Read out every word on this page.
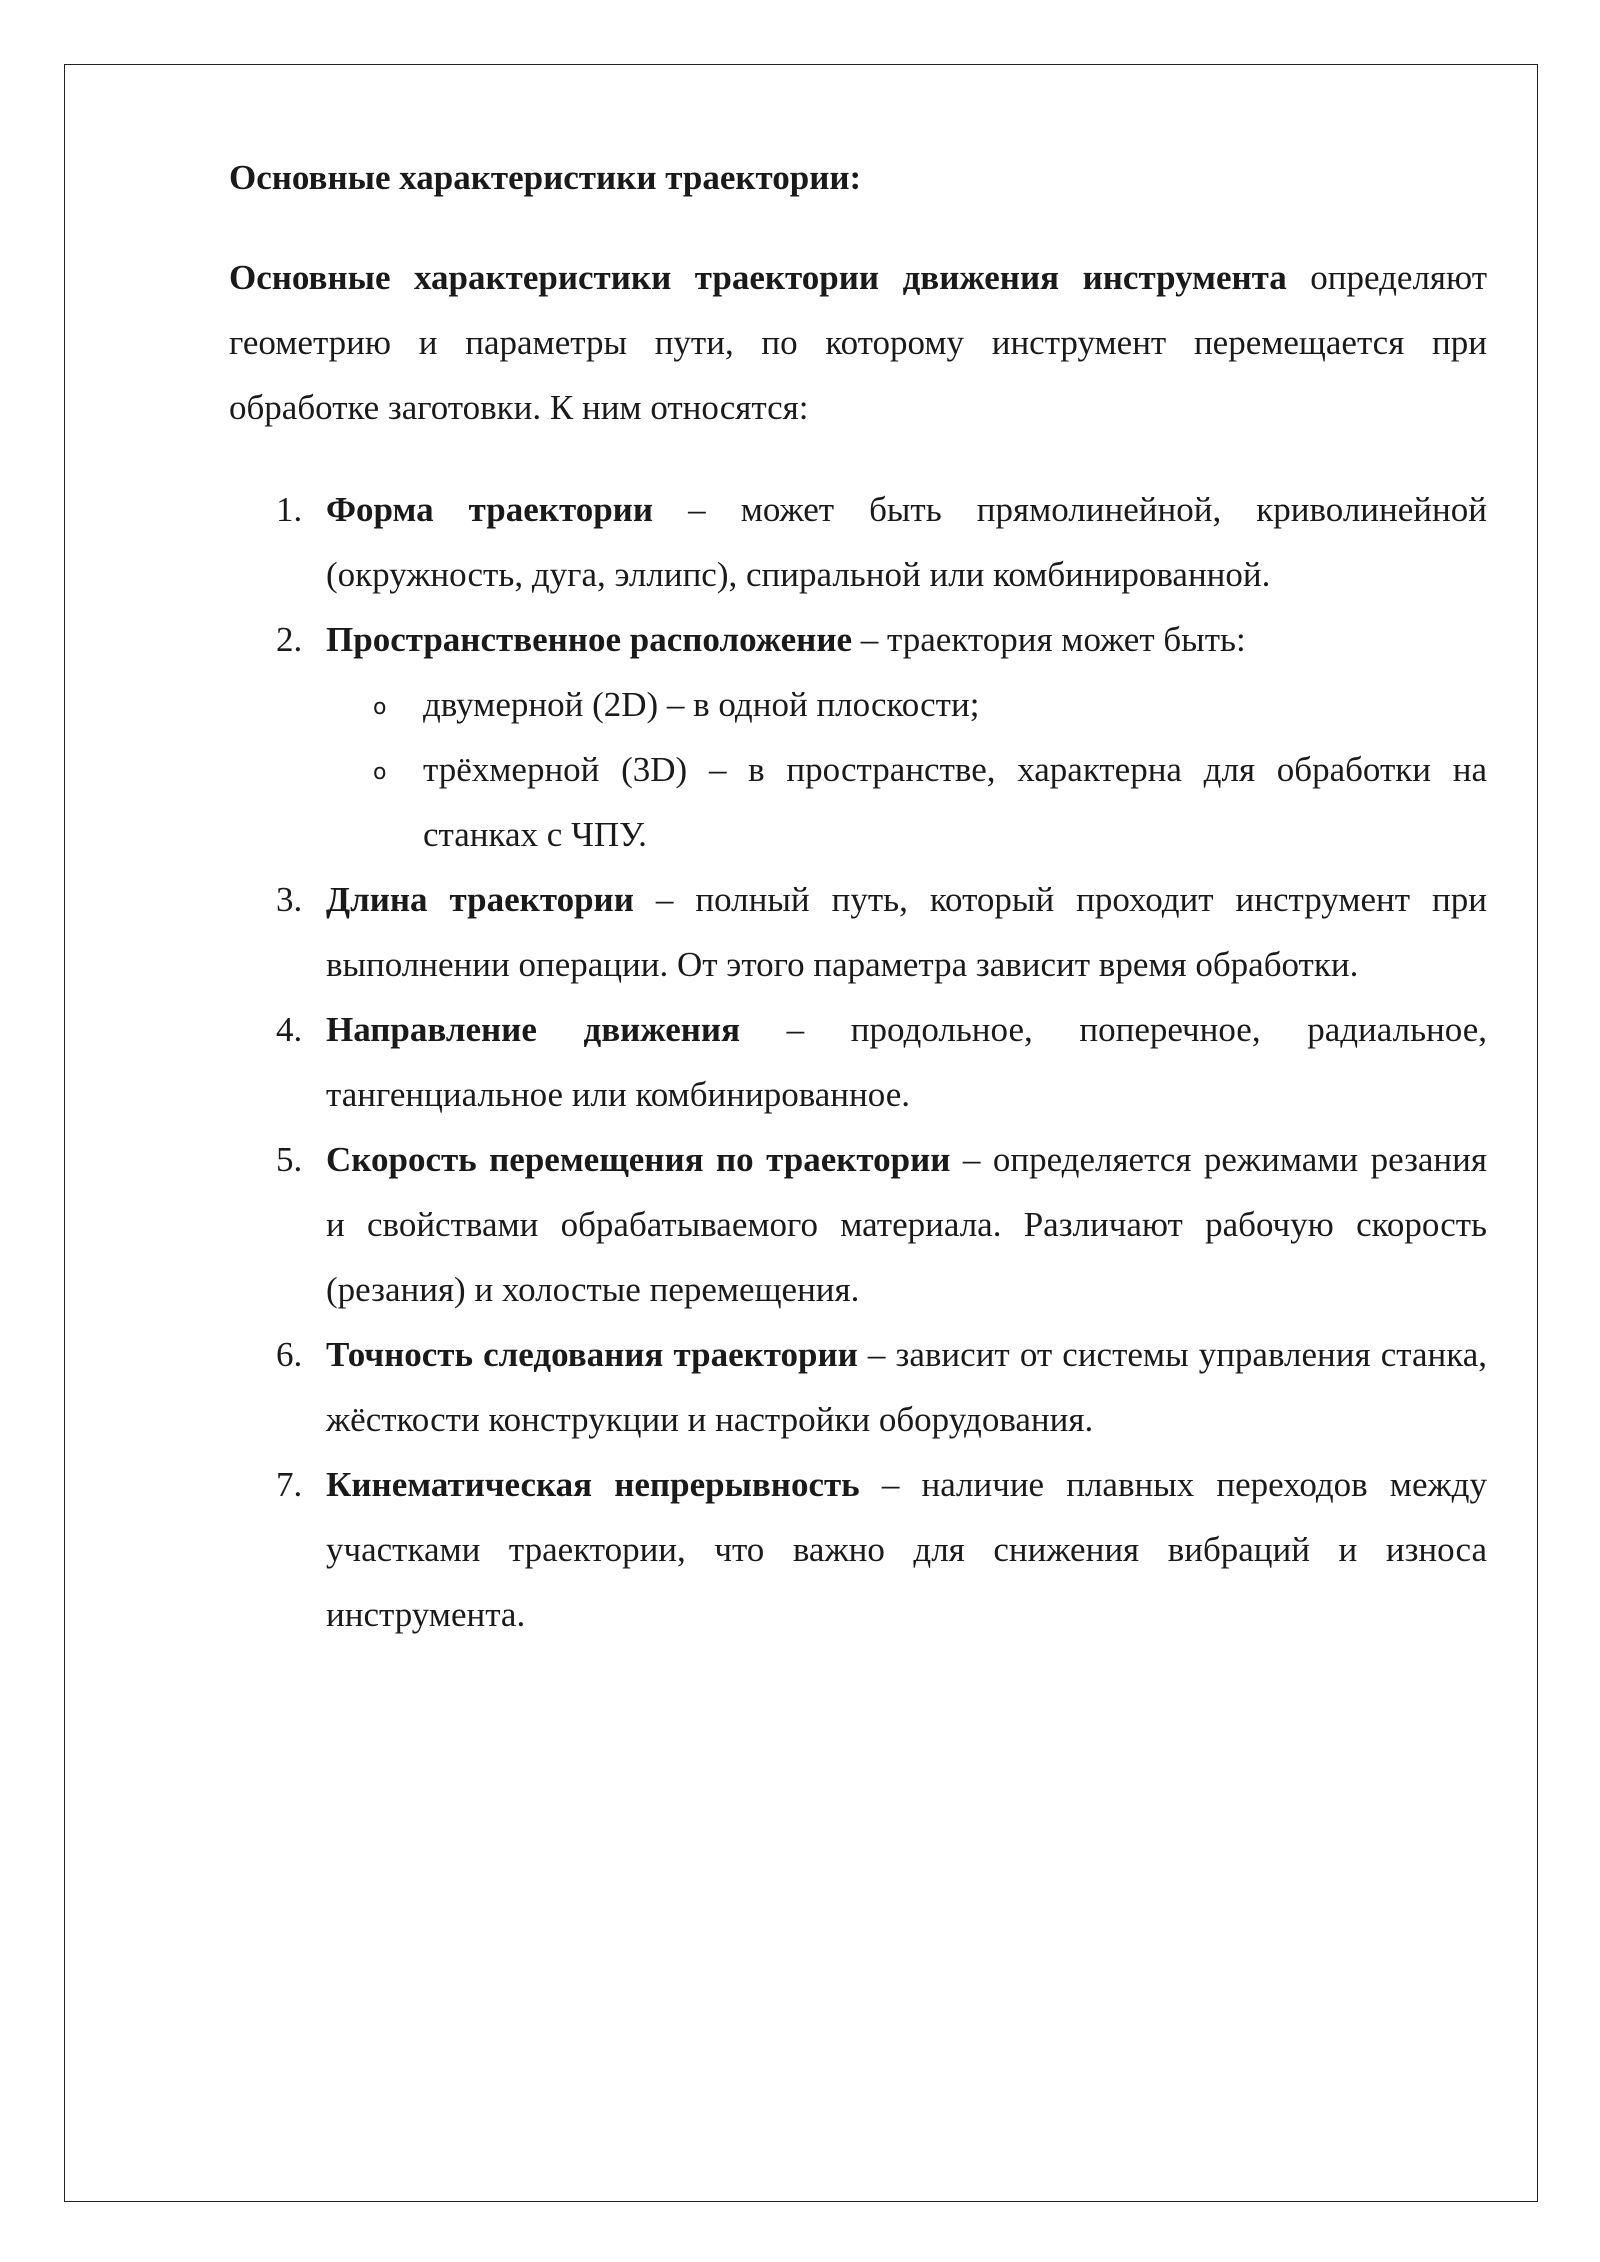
Основные характеристики траектории:

Основные характеристики траектории движения инструмента определяют геометрию и параметры пути, по которому инструмент перемещается при обработке заготовки. К ним относятся:

1. Форма траектории – может быть прямолинейной, криволинейной (окружность, дуга, эллипс), спиральной или комбинированной.
2. Пространственное расположение – траектория может быть:
o двумерной (2D) – в одной плоскости;
o трёхмерной (3D) – в пространстве, характерна для обработки на станках с ЧПУ.
3. Длина траектории – полный путь, который проходит инструмент при выполнении операции. От этого параметра зависит время обработки.
4. Направление движения – продольное, поперечное, радиальное, тангенциальное или комбинированное.
5. Скорость перемещения по траектории – определяется режимами резания и свойствами обрабатываемого материала. Различают рабочую скорость (резания) и холостые перемещения.
6. Точность следования траектории – зависит от системы управления станка, жёсткости конструкции и настройки оборудования.
7. Кинематическая непрерывность – наличие плавных переходов между участками траектории, что важно для снижения вибраций и износа инструмента.
